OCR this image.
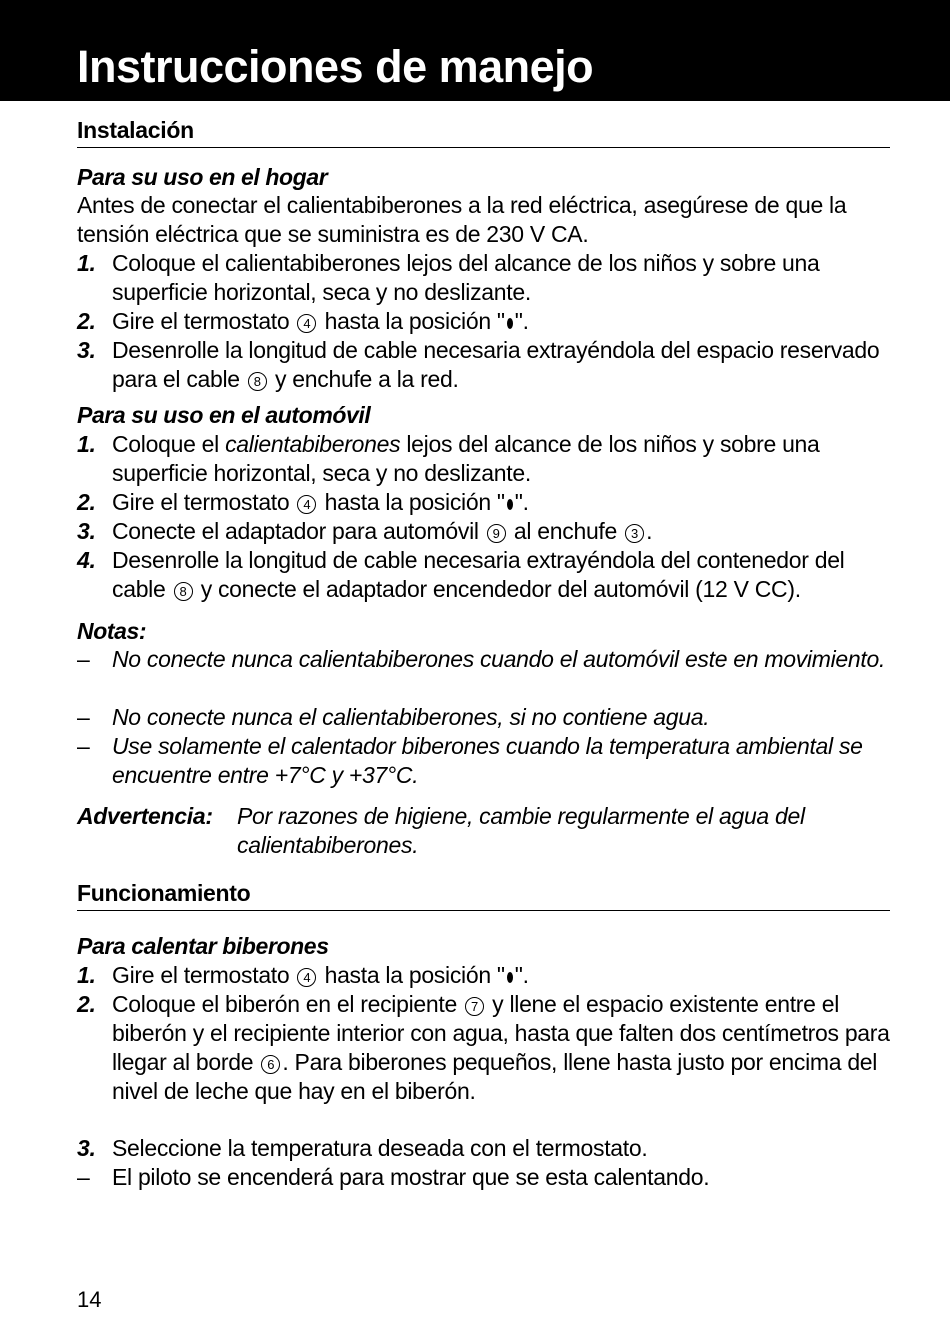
Instrucciones de manejo
Instalación
Para su uso en el hogar
Antes de conectar el calientabiberones a la red eléctrica, asegúrese de que la tensión eléctrica que se suministra es de 230 V CA.
1. Coloque el calientabiberones lejos del alcance de los niños y sobre una superficie horizontal, seca y no deslizante.
2. Gire el termostato 4 hasta la posición " ".
3. Desenrolle la longitud de cable necesaria extrayéndola del espacio reservado para el cable 8 y enchufe a la red.
Para su uso en el automóvil
1. Coloque el calientabiberones lejos del alcance de los niños y sobre una superficie horizontal, seca y no deslizante.
2. Gire el termostato 4 hasta la posición " ".
3. Conecte el adaptador para automóvil 9 al enchufe 3 .
4. Desenrolle la longitud de cable necesaria extrayéndola del contenedor del cable 8 y conecte el adaptador encendedor del automóvil (12 V CC).
Notas:
– No conecte nunca calientabiberones cuando el automóvil este en movimiento.
– No conecte nunca el calientabiberones, si no contiene agua.
– Use solamente el calentador biberones cuando la temperatura ambiental se encuentre entre +7°C y +37°C.
Advertencia:	Por razones de higiene, cambie regularmente el agua del calientabiberones.
Funcionamiento
Para calentar biberones
1. Gire el termostato 4 hasta la posición " ".
2. Coloque el biberón en el recipiente 7 y llene el espacio existente entre el biberón y el recipiente interior con agua, hasta que falten dos centímetros para llegar al borde 6 . Para biberones pequeños, llene hasta justo por encima del nivel de leche que hay en el biberón.
3. Seleccione la temperatura deseada con el termostato.
– El piloto se encenderá para mostrar que se esta calentando.
14
